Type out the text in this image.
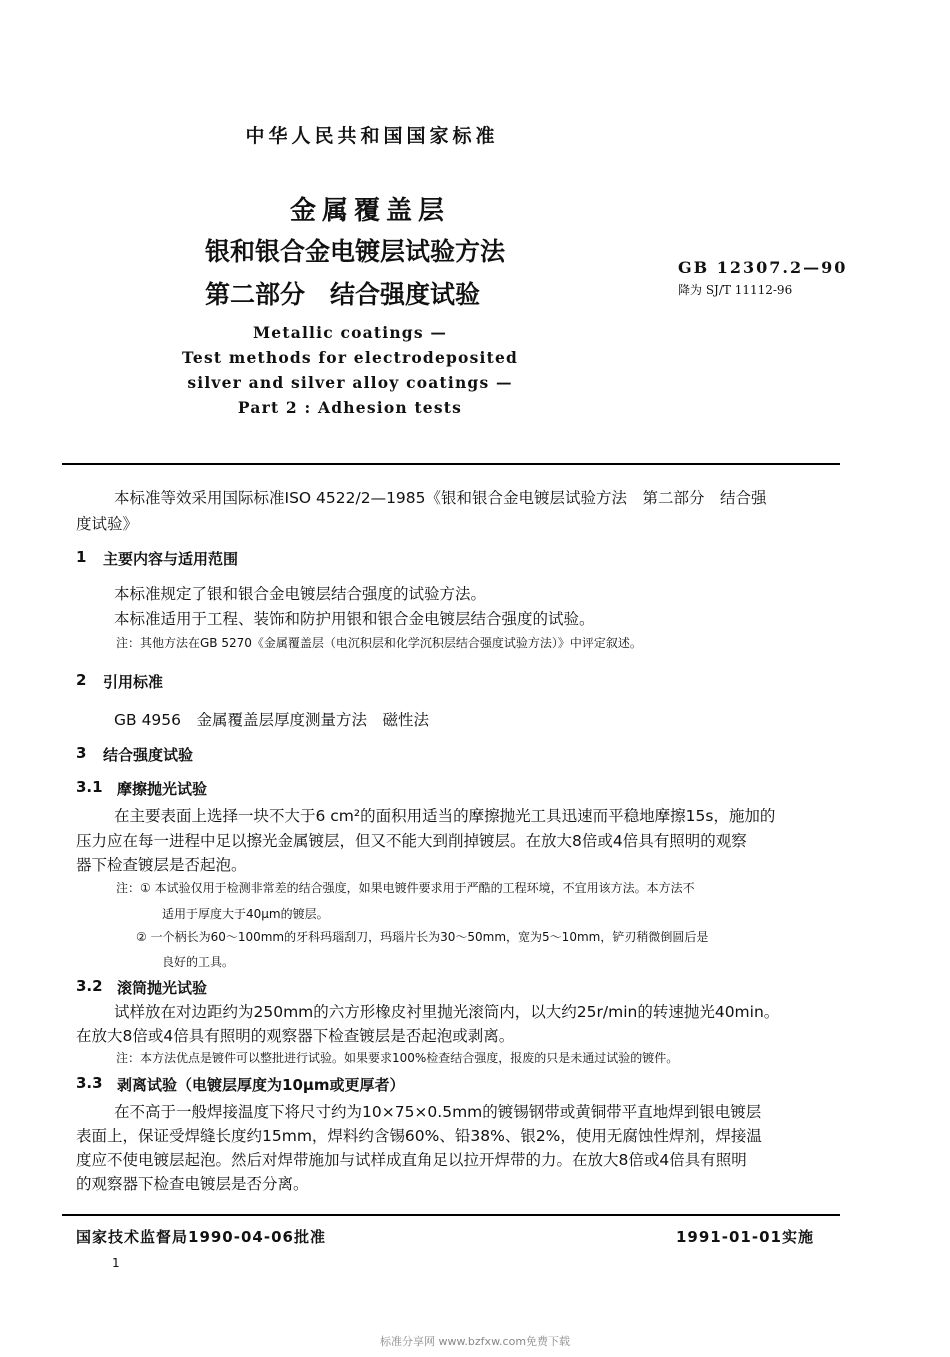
中华人民共和国国家标准
金属覆盖层
银和银合金电镀层试验方法
第二部分　结合强度试验
GB 12307.2—90
降为 SJ/T 11112-96
Metallic coatings —
Test methods for electrodeposited
silver and silver alloy coatings —
Part 2 : Adhesion tests
本标准等效采用国际标准ISO 4522/2—1985《银和银合金电镀层试验方法　第二部分　结合强
度试验》
1 主要内容与适用范围
本标准规定了银和银合金电镀层结合强度的试验方法。
本标准适用于工程、装饰和防护用银和银合金电镀层结合强度的试验。
注：其他方法在GB 5270《金属覆盖层（电沉积层和化学沉积层结合强度试验方法）》中评定叙述。
2 引用标准
GB 4956　金属覆盖层厚度测量方法　磁性法
3 结合强度试验
3.1 摩擦抛光试验
在主要表面上选择一块不大于6 cm²的面积用适当的摩擦抛光工具迅速而平稳地摩擦15s，施加的
压力应在每一进程中足以擦光金属镀层，但又不能大到削掉镀层。在放大8倍或4倍具有照明的观察
器下检查镀层是否起泡。
注：① 本试验仅用于检测非常差的结合强度，如果电镀件要求用于严酷的工程环境，不宜用该方法。本方法不
适用于厚度大于40μm的镀层。
② 一个柄长为60～100mm的牙科玛瑙刮刀，玛瑙片长为30～50mm，宽为5～10mm，铲刃稍微倒圆后是
良好的工具。
3.2 滚筒抛光试验
试样放在对边距约为250mm的六方形橡皮衬里抛光滚筒内，以大约25r/min的转速抛光40min。
在放大8倍或4倍具有照明的观察器下检查镀层是否起泡或剥离。
注：本方法优点是镀件可以整批进行试验。如果要求100%检查结合强度，报废的只是未通过试验的镀件。
3.3 剥离试验（电镀层厚度为10μm或更厚者）
在不高于一般焊接温度下将尺寸约为10×75×0.5mm的镀锡钢带或黄铜带平直地焊到银电镀层
表面上，保证受焊缝长度约15mm，焊料约含锡60%、铅38%、银2%，使用无腐蚀性焊剂，焊接温
度应不使电镀层起泡。然后对焊带施加与试样成直角足以拉开焊带的力。在放大8倍或4倍具有照明
的观察器下检查电镀层是否分离。
国家技术监督局1990-04-06批准	1991-01-01实施
1
标准分享网 www.bzfxw.com免费下载
